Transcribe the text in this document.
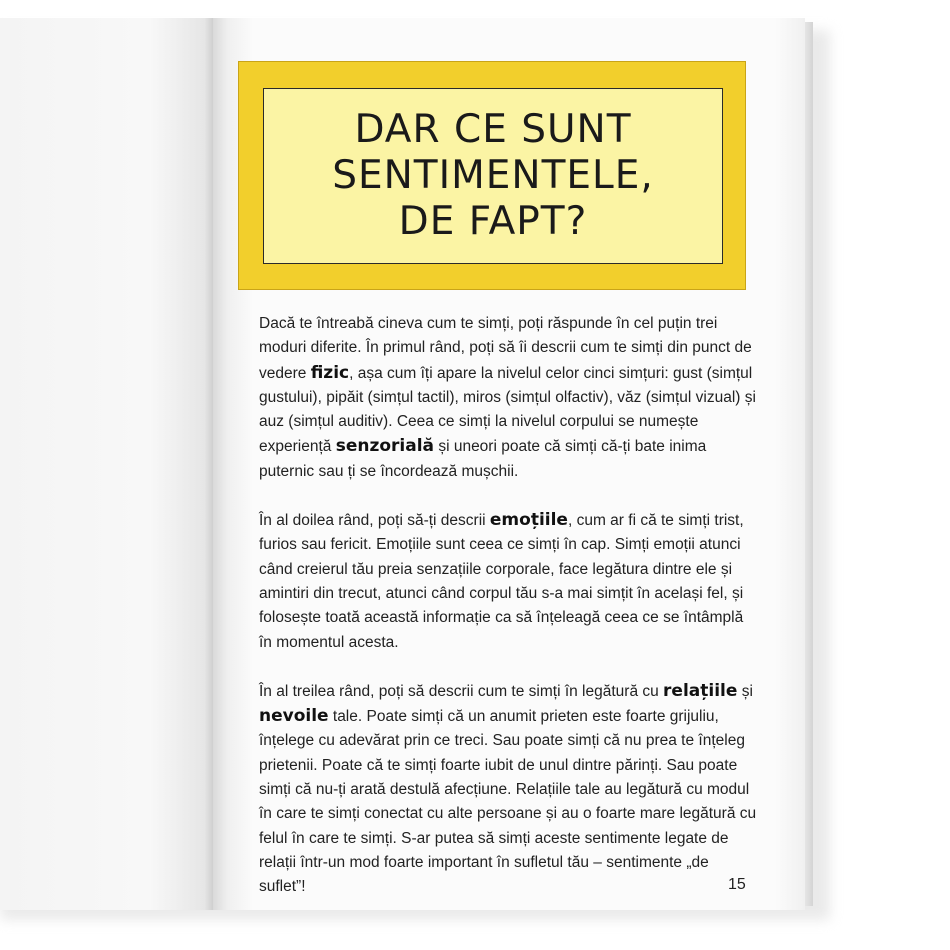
DAR CE SUNT
SENTIMENTELE,
DE FAPT?

Dacă te întreabă cineva cum te simți, poți răspunde în cel puțin trei moduri diferite. În primul rând, poți să îi descrii cum te simți din punct de vedere fizic, așa cum îți apare la nivelul celor cinci simțuri: gust (simțul gustului), pipăit (simțul tactil), miros (simțul olfactiv), văz (simțul vizual) și auz (simțul auditiv). Ceea ce simți la nivelul corpului se numește experiență senzorială și uneori poate că simți că-ți bate inima puternic sau ți se încordează mușchii.

În al doilea rând, poți să-ți descrii emoțiile, cum ar fi că te simți trist, furios sau fericit. Emoțiile sunt ceea ce simți în cap. Simți emoții atunci când creierul tău preia senzațiile corporale, face legătura dintre ele și amintiri din trecut, atunci când corpul tău s-a mai simțit în același fel, și folosește toată această informație ca să înțeleagă ceea ce se întâmplă în momentul acesta.

În al treilea rând, poți să descrii cum te simți în legătură cu relațiile și nevoile tale. Poate simți că un anumit prieten este foarte grijuliu, înțelege cu adevărat prin ce treci. Sau poate simți că nu prea te înțeleg prietenii. Poate că te simți foarte iubit de unul dintre părinți. Sau poate simți că nu-ți arată destulă afecțiune. Relațiile tale au legătură cu modul în care te simți conectat cu alte persoane și au o foarte mare legătură cu felul în care te simți. S-ar putea să simți aceste sentimente legate de relații într-un mod foarte important în sufletul tău – sentimente „de suflet”!	15
